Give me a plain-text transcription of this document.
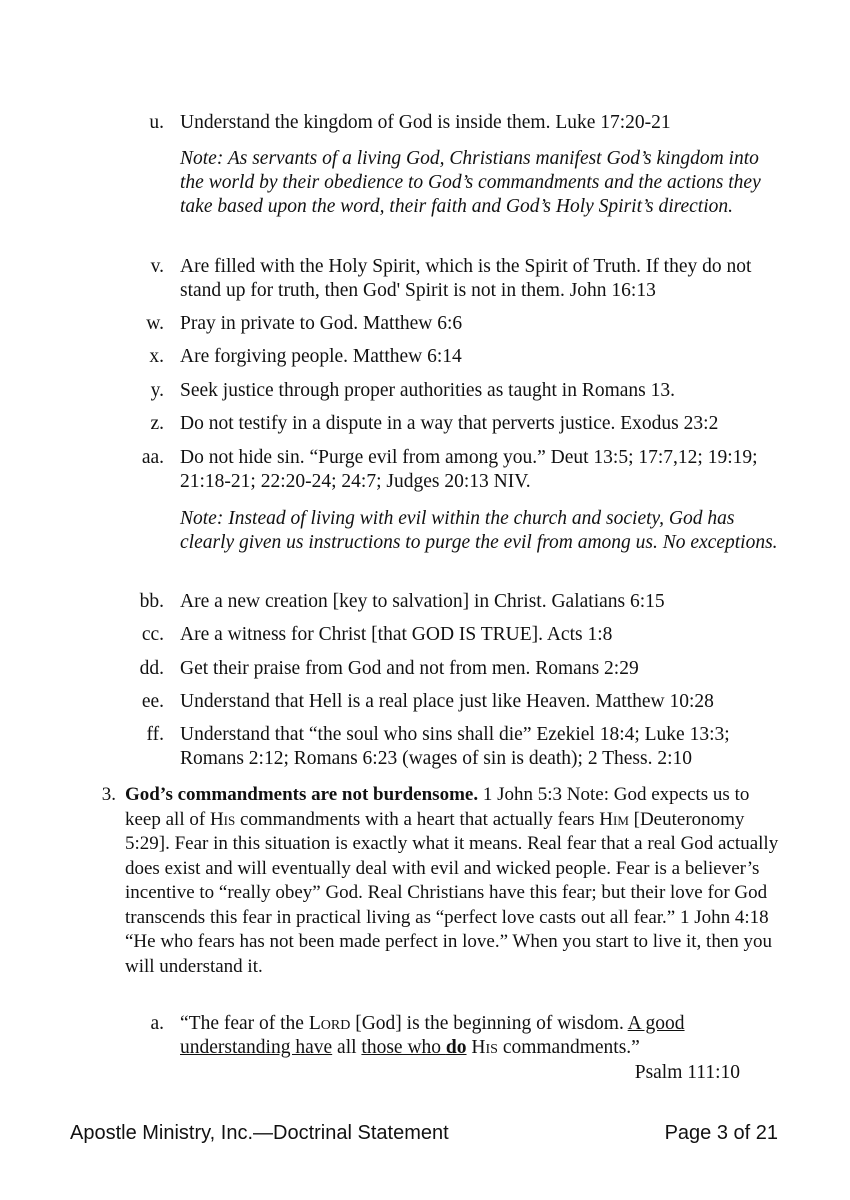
u. Understand the kingdom of God is inside them. Luke 17:20-21
Note: As servants of a living God, Christians manifest God’s kingdom into the world by their obedience to God’s commandments and the actions they take based upon the word, their faith and God’s Holy Spirit’s direction.
v. Are filled with the Holy Spirit, which is the Spirit of Truth. If they do not stand up for truth, then God' Spirit is not in them. John 16:13
w. Pray in private to God. Matthew 6:6
x. Are forgiving people. Matthew 6:14
y. Seek justice through proper authorities as taught in Romans 13.
z. Do not testify in a dispute in a way that perverts justice. Exodus 23:2
aa. Do not hide sin. “Purge evil from among you.” Deut 13:5; 17:7,12; 19:19; 21:18-21; 22:20-24; 24:7; Judges 20:13 NIV.
Note: Instead of living with evil within the church and society, God has clearly given us instructions to purge the evil from among us. No exceptions.
bb. Are a new creation [key to salvation] in Christ. Galatians 6:15
cc. Are a witness for Christ [that GOD IS TRUE]. Acts 1:8
dd. Get their praise from God and not from men. Romans 2:29
ee. Understand that Hell is a real place just like Heaven. Matthew 10:28
ff. Understand that “the soul who sins shall die” Ezekiel 18:4; Luke 13:3; Romans 2:12; Romans 6:23 (wages of sin is death); 2 Thess. 2:10
3. God’s commandments are not burdensome. 1 John 5:3 Note: God expects us to keep all of His commandments with a heart that actually fears Him [Deuteronomy 5:29]. Fear in this situation is exactly what it means. Real fear that a real God actually does exist and will eventually deal with evil and wicked people. Fear is a believer’s incentive to “really obey” God. Real Christians have this fear; but their love for God transcends this fear in practical living as “perfect love casts out all fear.” 1 John 4:18 “He who fears has not been made perfect in love.” When you start to live it, then you will understand it.
a. “The fear of the Lord [God] is the beginning of wisdom. A good understanding have all those who do His commandments.”
Psalm 111:10
Apostle Ministry, Inc.—Doctrinal Statement	Page 3 of 21
